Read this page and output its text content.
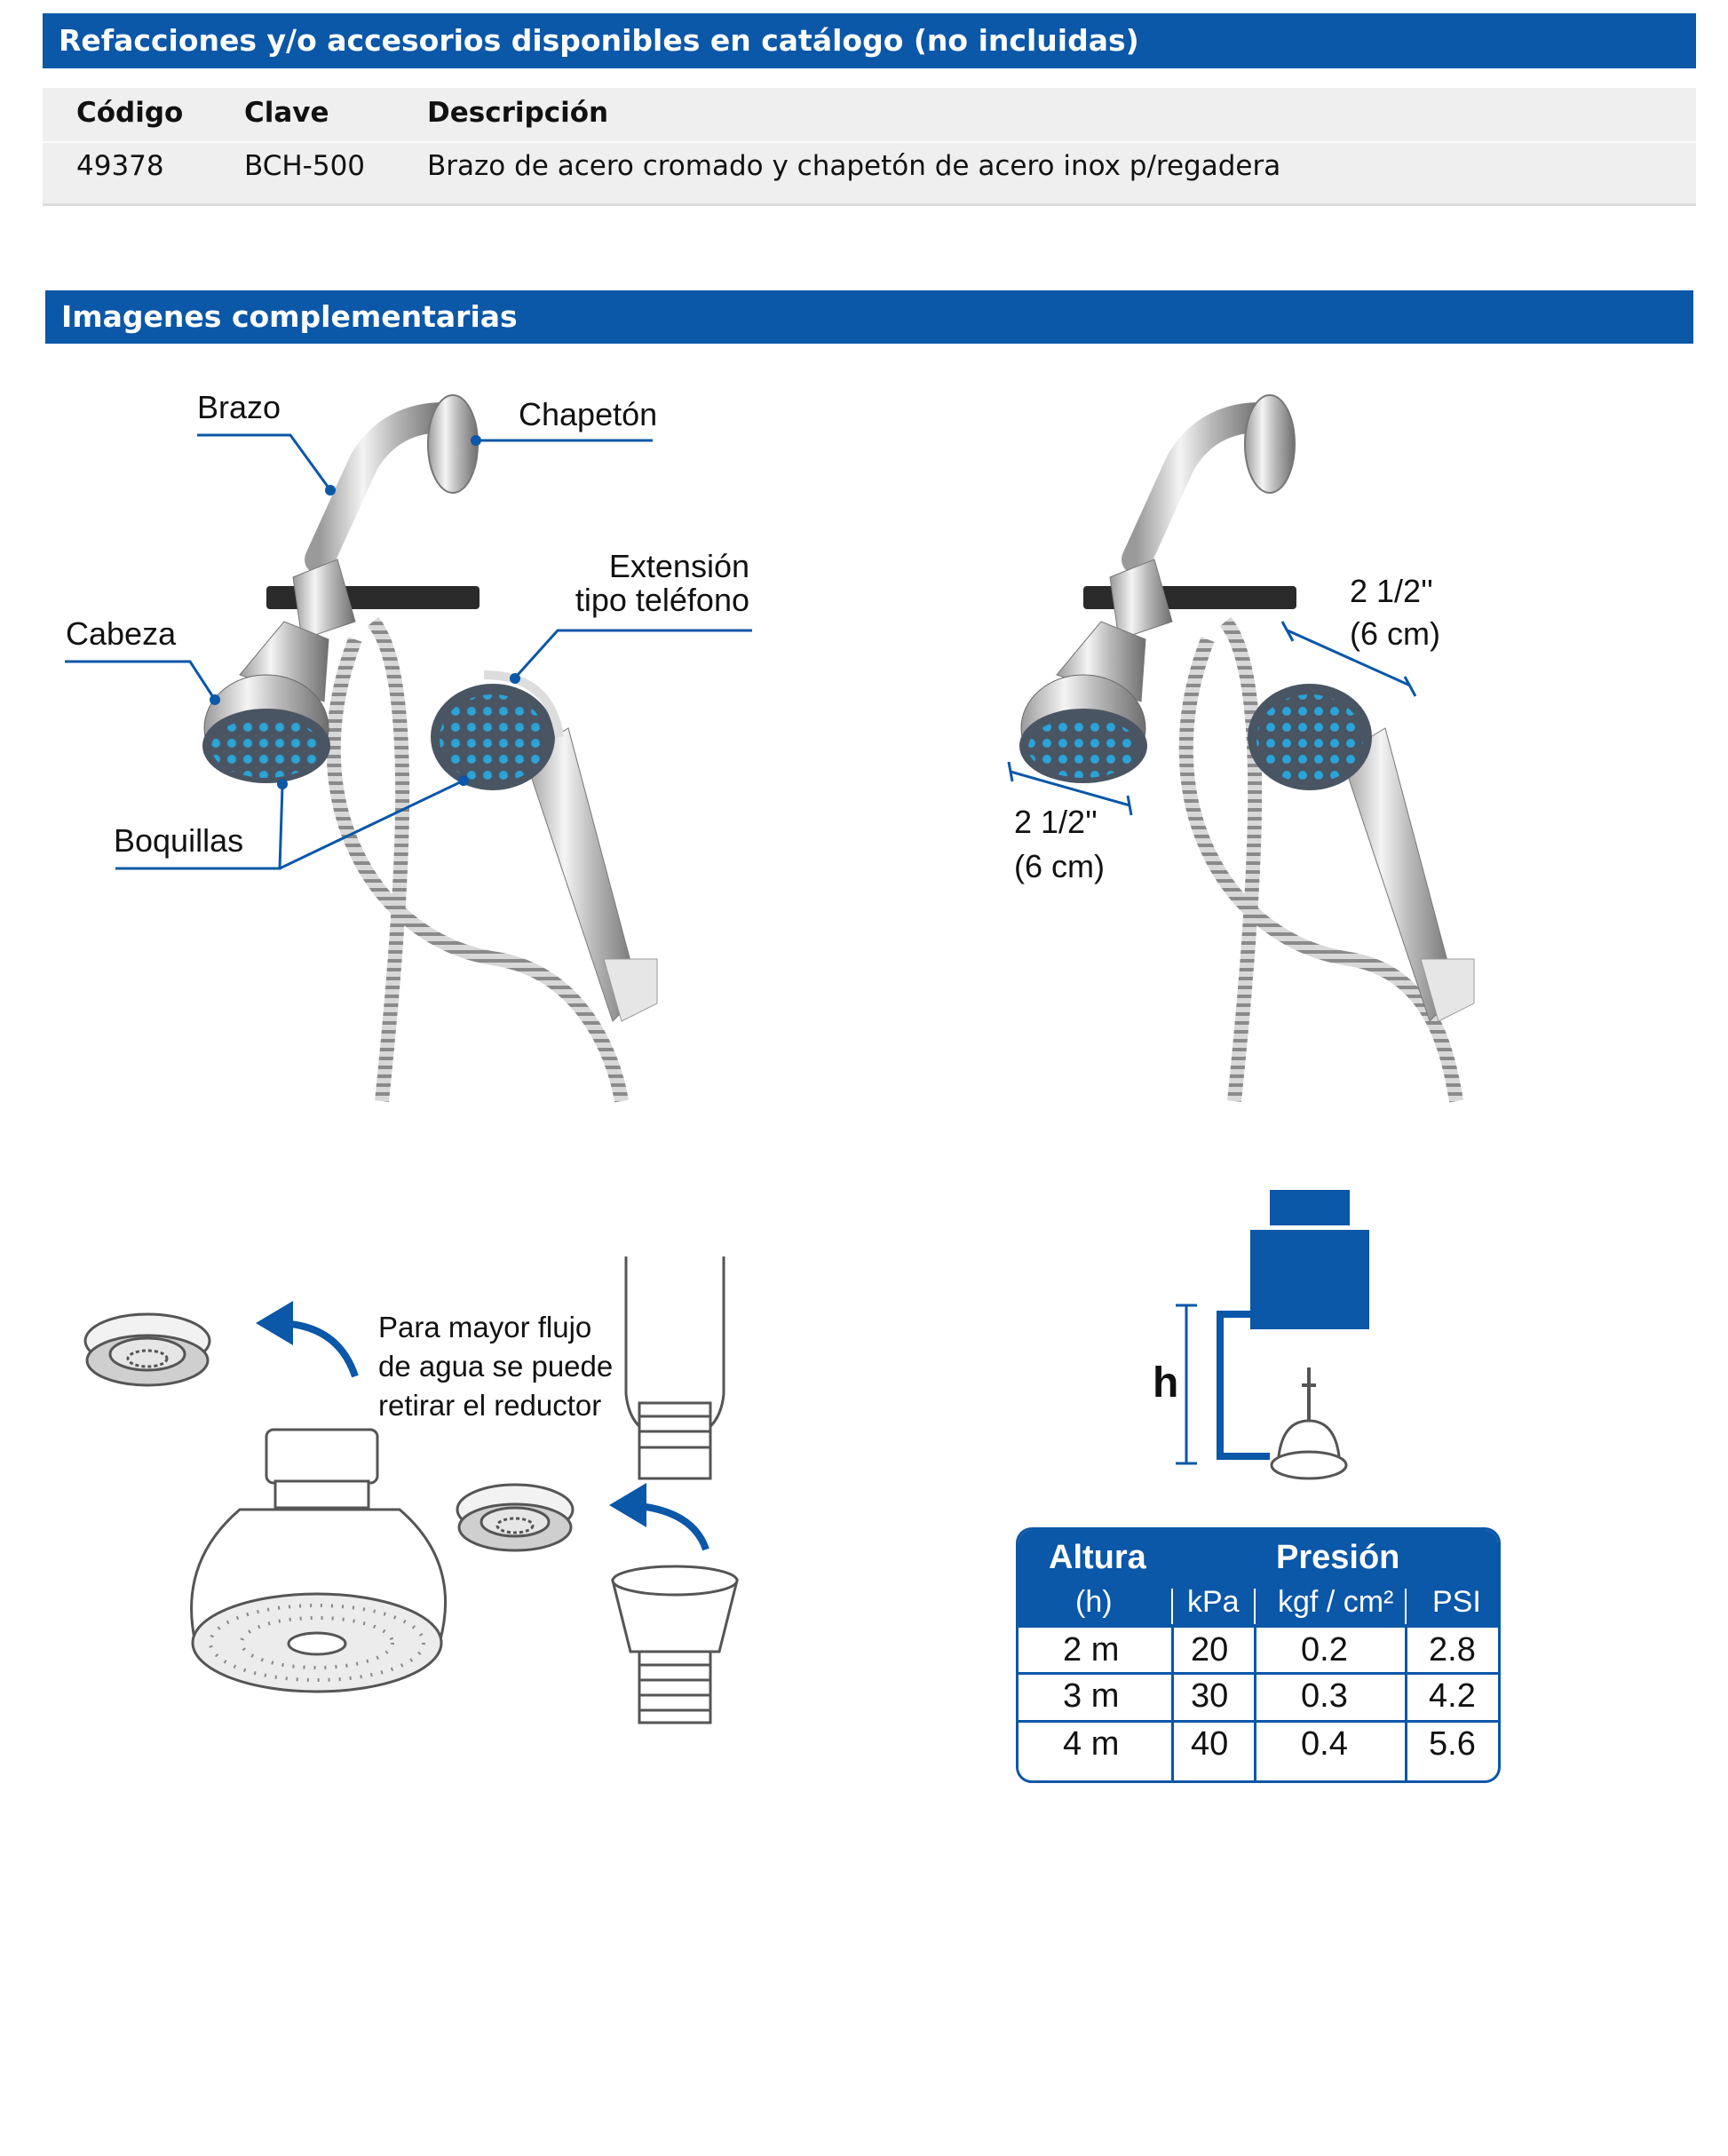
Refacciones y/o accesorios disponibles en catálogo (no incluidas)
Código Clave	Descripción
49378	BCH-500 Brazo de acero cromado y chapetón de acero inox p/regadera
Imagenes complementarias
Brazo	Chapetón
Cabeza
Boquillas
Extensión
tipo teléfono	2 1/2''
(6 cm)
2 1/2''
(6 cm)
Para mayor flujo
de agua se puede
retirar el reductor	h
Altura	Presión
(h) kPa kgf / cm² PSI
2 m 20 0.2 2.8
3 m 30 0.3 4.2
4 m 40 0.4 5.6
